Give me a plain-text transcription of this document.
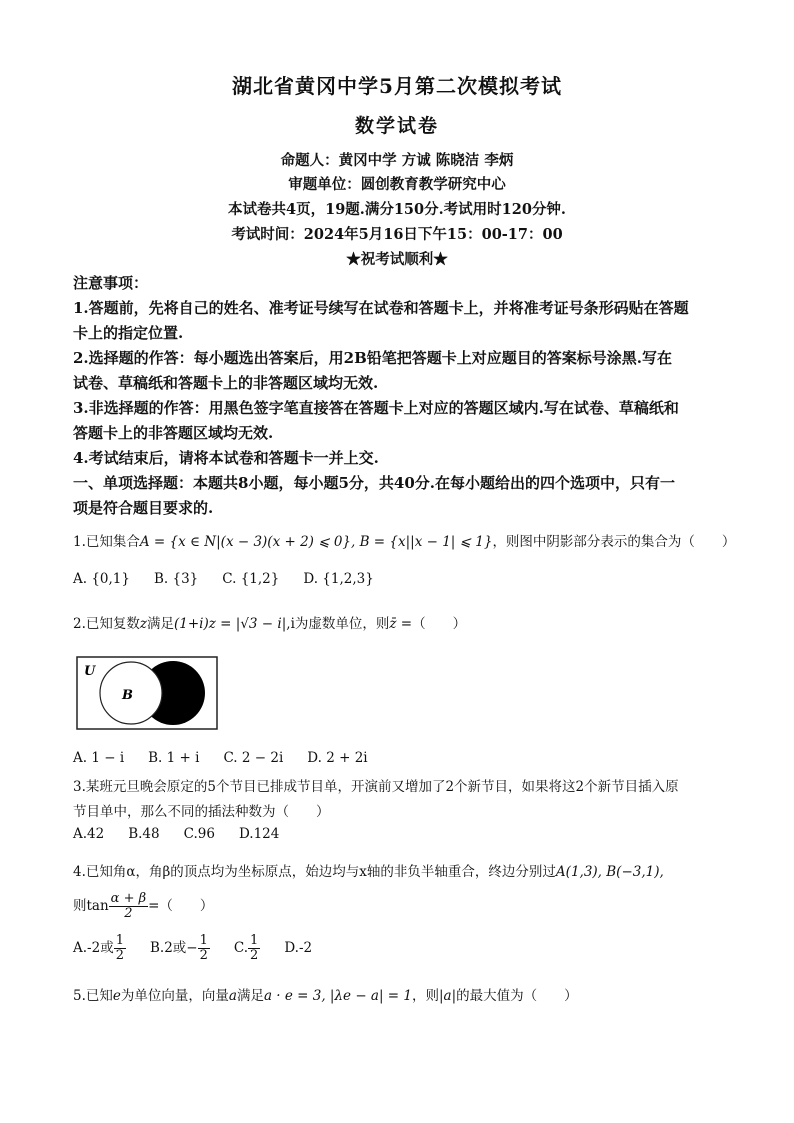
湖北省黄冈中学5月第二次模拟考试
数学试卷
命题人：黄冈中学 方诚 陈晓洁 李炳
审题单位：圆创教育教学研究中心
本试卷共4页，19题.满分150分.考试用时120分钟.
考试时间：2024年5月16日下午15：00-17：00
★祝考试顺利★
注意事项：
1.答题前，先将自己的姓名、准考证号续写在试卷和答题卡上，并将准考证号条形码贴在答题
卡上的指定位置.
2.选择题的作答：每小题选出答案后，用2B铅笔把答题卡上对应题目的答案标号涂黑.写在
试卷、草稿纸和答题卡上的非答题区域均无效.
3.非选择题的作答：用黑色签字笔直接答在答题卡上对应的答题区域内.写在试卷、草稿纸和
答题卡上的非答题区域均无效.
4.考试结束后，请将本试卷和答题卡一并上交.
一、单项选择题：本题共8小题，每小题5分，共40分.在每小题给出的四个选项中，只有一
项是符合题目要求的.
1.已知集合A = {x ∈ N|(x − 3)(x + 2) ⩽ 0}, B = {x||x − 1| ⩽ 1}，则图中阴影部分表示的集合为（　　）
A. {0,1} B. {3} C. {1,2} D. {1,2,3}
2.已知复数z满足(1+i)z = |√3 − i|,i为虚数单位，则z̄ =（　　）
U
B
A. 1 − i B. 1 + i C. 2 − 2i D. 2 + 2i
3.某班元旦晚会原定的5个节目已排成节目单，开演前又增加了2个新节目，如果将这2个新节目插入原
节目单中，那么不同的插法种数为（　　）
A.42 B.48 C.96 D.124
4.已知角α，角β的顶点均为坐标原点，始边均与x轴的非负半轴重合，终边分别过A(1,3), B(−3,1),
则$\tan \frac{\alpha + \beta}{2}$ =（　　）
A.-2或 $\frac{1}{2} B.2$或− $\frac{1}{2} C$. $\frac{1}{2} D.-2$
5.已知e为单位向量，向量a满足a · e = 3, |λe − a| = 1，则|a|的最大值为（　　）
